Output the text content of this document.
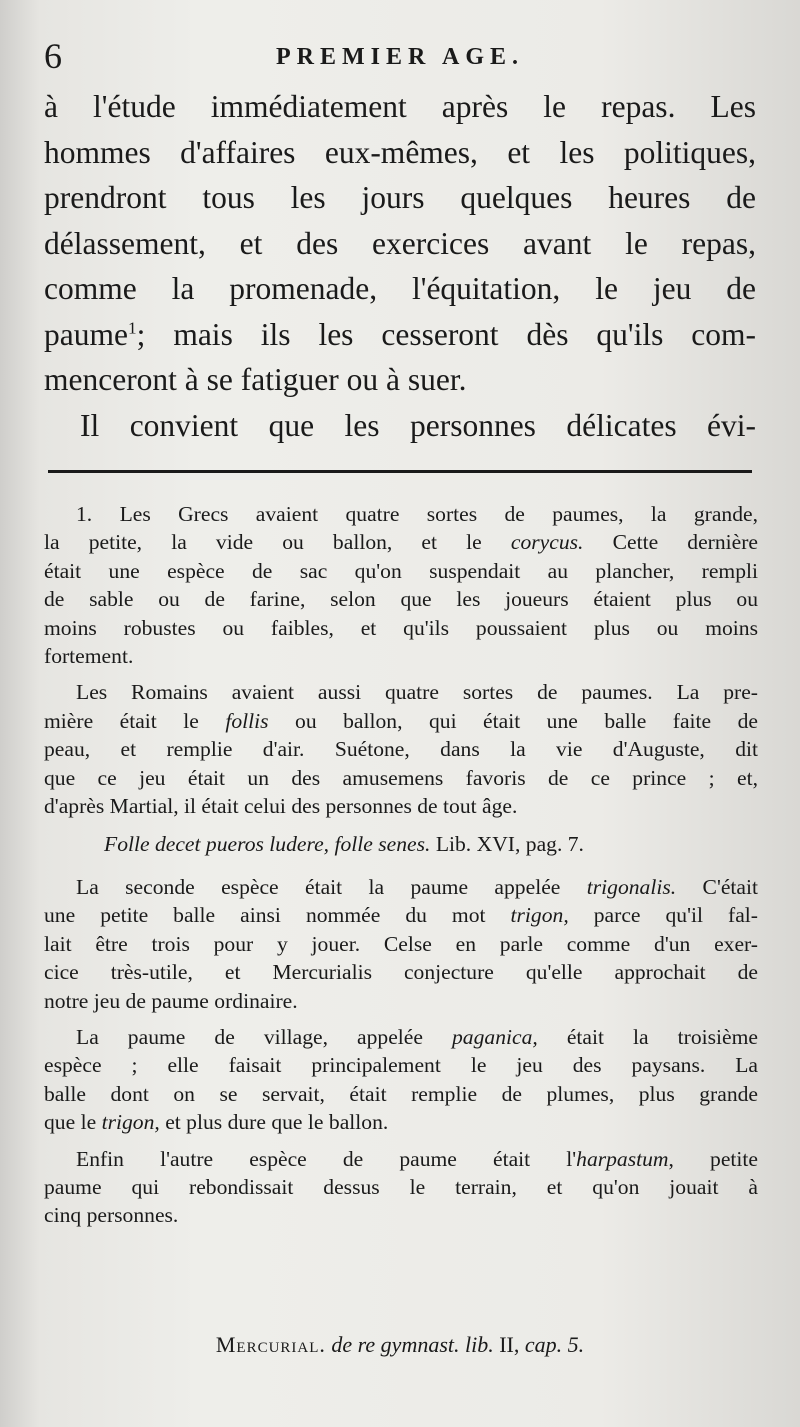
6	PREMIER AGE.
à l'étude immédiatement après le repas. Les
hommes d'affaires eux-mêmes, et les politiques,
prendront tous les jours quelques heures de
délassement, et des exercices avant le repas,
comme la promenade, l'équitation, le jeu de
paume$^1$; mais ils les cesseront dès qu'ils com-
menceront à se fatiguer ou à suer.
Il convient que les personnes délicates évi-
1. Les Grecs avaient quatre sortes de paumes, la grande,
la petite, la vide ou ballon, et le corycus. Cette dernière
était une espèce de sac qu'on suspendait au plancher, rempli
de sable ou de farine, selon que les joueurs étaient plus ou
moins robustes ou faibles, et qu'ils poussaient plus ou moins
fortement.
Les Romains avaient aussi quatre sortes de paumes. La pre-
mière était le follis ou ballon, qui était une balle faite de
peau, et remplie d'air. Suétone, dans la vie d'Auguste, dit
que ce jeu était un des amusemens favoris de ce prince ; et,
d'après Martial, il était celui des personnes de tout âge.
Folle decet pueros ludere, folle senes. Lib. XVI, pag. 7.
La seconde espèce était la paume appelée trigonalis. C'était
une petite balle ainsi nommée du mot trigon, parce qu'il fal-
lait être trois pour y jouer. Celse en parle comme d'un exer-
cice très-utile, et Mercurialis conjecture qu'elle approchait de
notre jeu de paume ordinaire.
La paume de village, appelée paganica, était la troisième
espèce ; elle faisait principalement le jeu des paysans. La
balle dont on se servait, était remplie de plumes, plus grande
que le trigon, et plus dure que le ballon.
Enfin l'autre espèce de paume était l'harpastum, petite
paume qui rebondissait dessus le terrain, et qu'on jouait à
cinq personnes.
Mercurial. de re gymnast. lib. II, cap. 5.
